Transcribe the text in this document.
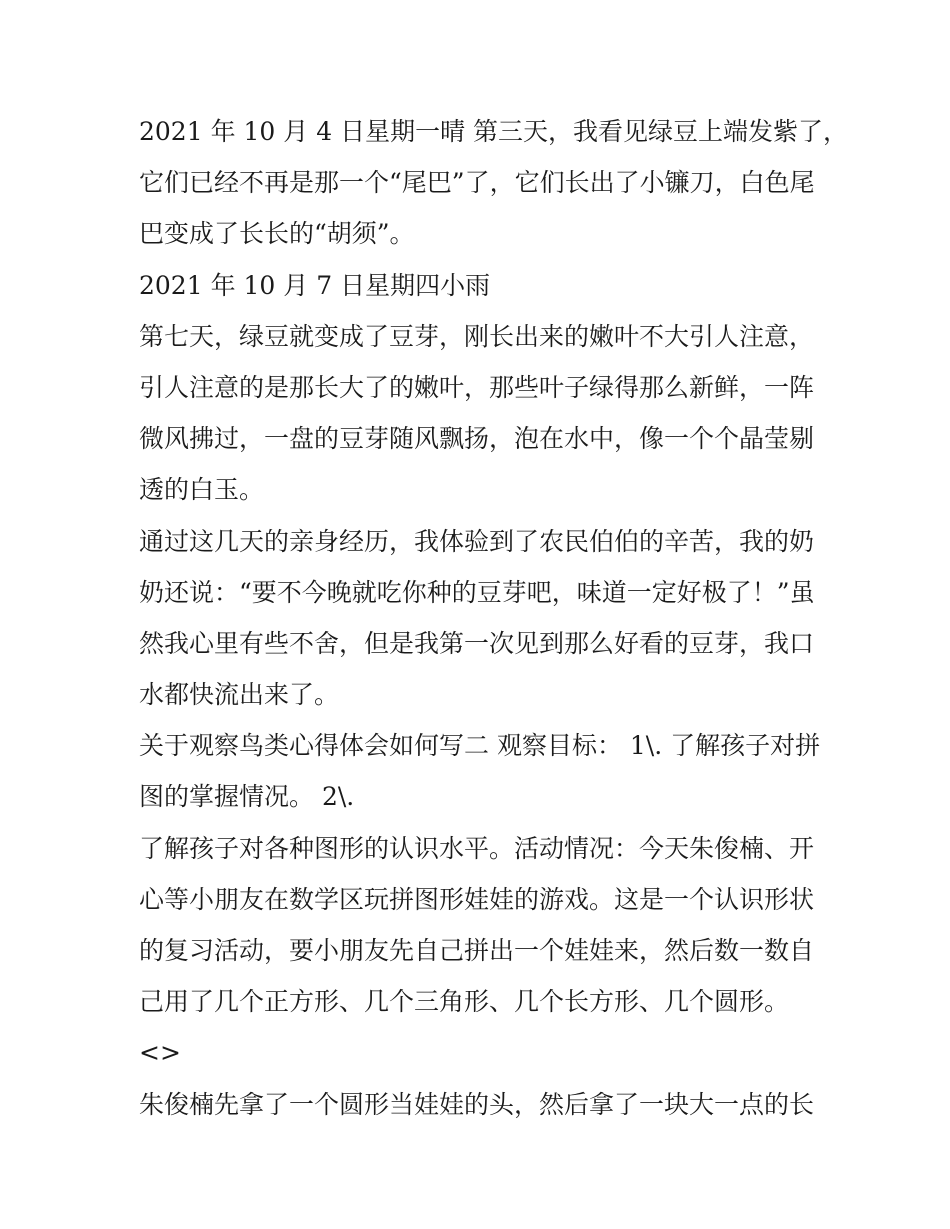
2021 年 10 月 4 日星期一晴 第三天，我看见绿豆上端发紫了，
它们已经不再是那一个“尾巴”了，它们长出了小镰刀，白色尾
巴变成了长长的“胡须”。
2021 年 10 月 7 日星期四小雨
第七天，绿豆就变成了豆芽，刚长出来的嫩叶不大引人注意，
引人注意的是那长大了的嫩叶，那些叶子绿得那么新鲜，一阵
微风拂过，一盘的豆芽随风飘扬，泡在水中，像一个个晶莹剔
透的白玉。
通过这几天的亲身经历，我体验到了农民伯伯的辛苦，我的奶
奶还说：“要不今晚就吃你种的豆芽吧，味道一定好极了！”虽
然我心里有些不舍，但是我第一次见到那么好看的豆芽，我口
水都快流出来了。
关于观察鸟类心得体会如何写二 观察目标： 1\. 了解孩子对拼
图的掌握情况。 2\.
了解孩子对各种图形的认识水平。活动情况：今天朱俊楠、开
心等小朋友在数学区玩拼图形娃娃的游戏。这是一个认识形状
的复习活动，要小朋友先自己拼出一个娃娃来，然后数一数自
己用了几个正方形、几个三角形、几个长方形、几个圆形。
<>
朱俊楠先拿了一个圆形当娃娃的头，然后拿了一块大一点的长
